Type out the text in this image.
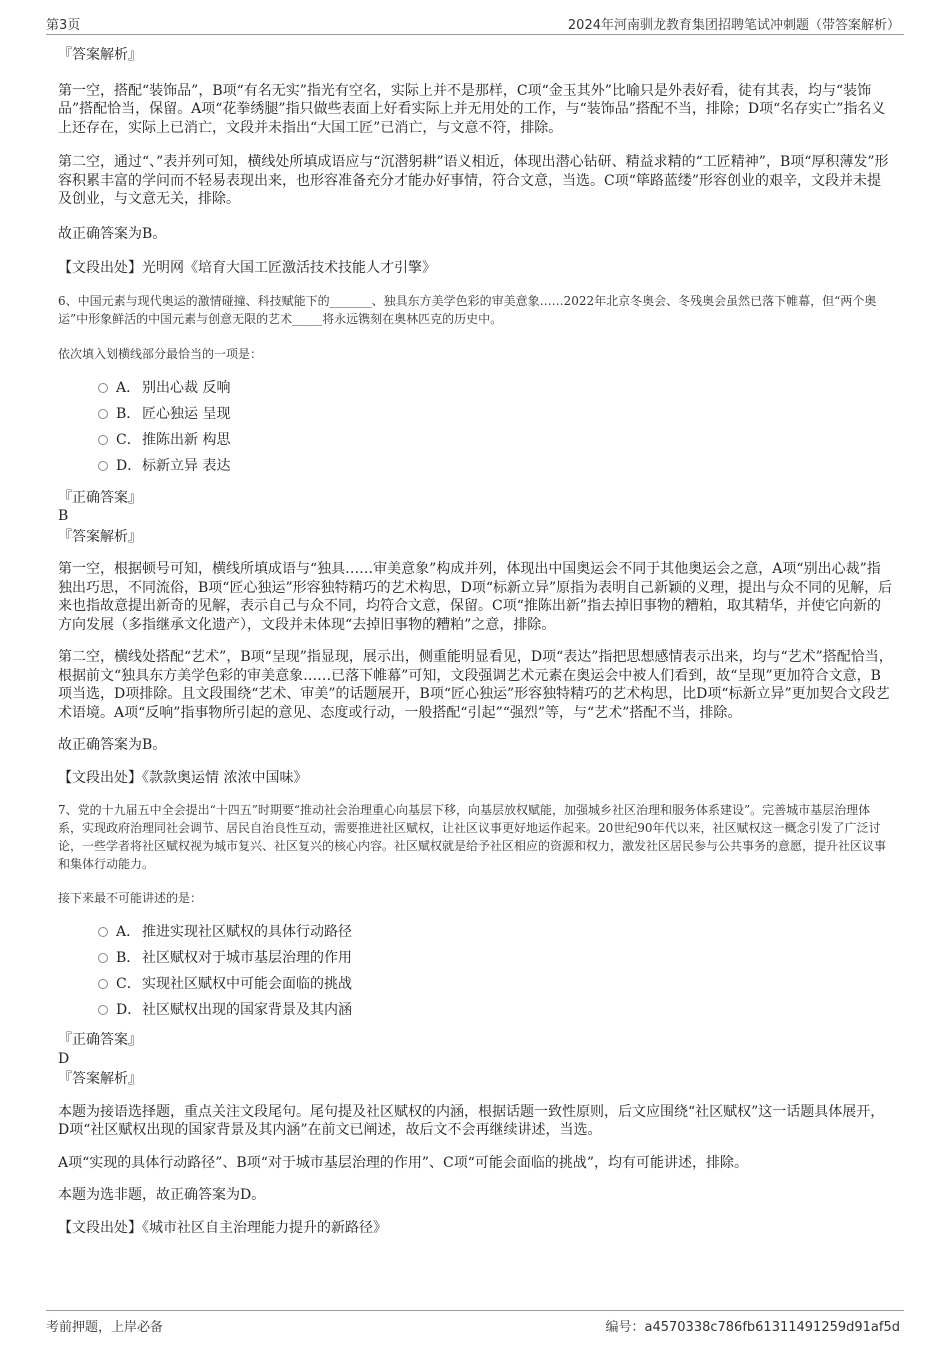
第3页	2024年河南驯龙教育集团招聘笔试冲刺题（带答案解析）

『答案解析』

第一空，搭配“装饰品”，B项“有名无实”指光有空名，实际上并不是那样，C项“金玉其外”比喻只是外表好看，徒有其表，均与“装饰品”搭配恰当，保留。A项“花拳绣腿”指只做些表面上好看实际上并无用处的工作，与“装饰品”搭配不当，排除；D项“名存实亡”指名义上还存在，实际上已消亡，文段并未指出“大国工匠”已消亡，与文意不符，排除。

第二空，通过“、”表并列可知，横线处所填成语应与“沉潜躬耕”语义相近，体现出潜心钻研、精益求精的“工匠精神”，B项“厚积薄发”形容积累丰富的学问而不轻易表现出来，也形容准备充分才能办好事情，符合文意，当选。C项“筚路蓝缕”形容创业的艰辛，文段并未提及创业，与文意无关，排除。

故正确答案为B。

【文段出处】光明网《培育大国工匠激活技术技能人才引擎》

6、中国元素与现代奥运的激情碰撞、科技赋能下的_______、独具东方美学色彩的审美意象……2022年北京冬奥会、冬残奥会虽然已落下帷幕，但“两个奥运”中形象鲜活的中国元素与创意无限的艺术_____将永远镌刻在奥林匹克的历史中。

依次填入划横线部分最恰当的一项是：

A． 别出心裁 反响
B． 匠心独运 呈现
C．推陈出新 构思
D．标新立异 表达

『正确答案』

B

『答案解析』

第一空，根据顿号可知，横线所填成语与“独具……审美意象”构成并列，体现出中国奥运会不同于其他奥运会之意，A项“别出心裁”指独出巧思，不同流俗，B项“匠心独运”形容独特精巧的艺术构思，D项“标新立异”原指为表明自己新颖的义理，提出与众不同的见解，后来也指故意提出新奇的见解，表示自己与众不同，均符合文意，保留。C项“推陈出新”指去掉旧事物的糟粕，取其精华，并使它向新的方向发展（多指继承文化遗产），文段并未体现“去掉旧事物的糟粕”之意，排除。

第二空，横线处搭配“艺术”，B项“呈现”指显现，展示出，侧重能明显看见，D项“表达”指把思想感情表示出来，均与“艺术”搭配恰当，根据前文“独具东方美学色彩的审美意象……已落下帷幕”可知，文段强调艺术元素在奥运会中被人们看到，故“呈现”更加符合文意，B项当选，D项排除。且文段围绕“艺术、审美”的话题展开，B项“匠心独运”形容独特精巧的艺术构思，比D项“标新立异”更加契合文段艺术语境。A项“反响”指事物所引起的意见、态度或行动，一般搭配“引起”“强烈”等，与“艺术”搭配不当，排除。

故正确答案为B。

【文段出处】《款款奥运情 浓浓中国味》

7、党的十九届五中全会提出“十四五”时期要“推动社会治理重心向基层下移，向基层放权赋能，加强城乡社区治理和服务体系建设”。完善城市基层治理体系，实现政府治理同社会调节、居民自治良性互动，需要推进社区赋权，让社区议事更好地运作起来。20世纪90年代以来，社区赋权这一概念引发了广泛讨论，一些学者将社区赋权视为城市复兴、社区复兴的核心内容。社区赋权就是给予社区相应的资源和权力，激发社区居民参与公共事务的意愿，提升社区议事和集体行动能力。

接下来最不可能讲述的是：

A． 推进实现社区赋权的具体行动路径
B． 社区赋权对于城市基层治理的作用
C．实现社区赋权中可能会面临的挑战
D．社区赋权出现的国家背景及其内涵

『正确答案』

D

『答案解析』

本题为接语选择题，重点关注文段尾句。尾句提及社区赋权的内涵，根据话题一致性原则，后文应围绕“社区赋权”这一话题具体展开，D项“社区赋权出现的国家背景及其内涵”在前文已阐述，故后文不会再继续讲述，当选。

A项“实现的具体行动路径”、B项“对于城市基层治理的作用”、C项“可能会面临的挑战”，均有可能讲述，排除。

本题为选非题，故正确答案为D。

【文段出处】《城市社区自主治理能力提升的新路径》

考前押题，上岸必备	编号：a4570338c786fb61311491259d91af5d
